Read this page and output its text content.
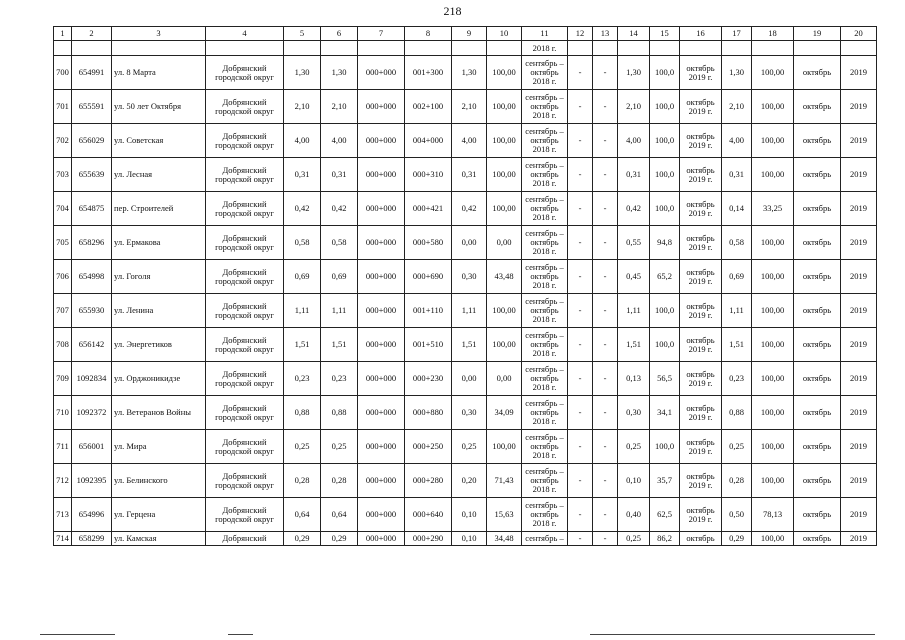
218
1	2	3	4	5	6	7	8	9	10	11	12	13	14	15	16	17	18	19	20
										2018 г.									
700	654991	ул. 8 Марта	Добрянский городской округ	1,30	1,30	000+000	001+300	1,30	100,00	сентябрь – октябрь 2018 г.	-	-	1,30	100,0	октябрь 2019 г.	1,30	100,00	октябрь	2019
701	655591	ул. 50 лет Октября	Добрянский городской округ	2,10	2,10	000+000	002+100	2,10	100,00	сентябрь – октябрь 2018 г.	-	-	2,10	100,0	октябрь 2019 г.	2,10	100,00	октябрь	2019
702	656029	ул. Советская	Добрянский городской округ	4,00	4,00	000+000	004+000	4,00	100,00	сентябрь – октябрь 2018 г.	-	-	4,00	100,0	октябрь 2019 г.	4,00	100,00	октябрь	2019
703	655639	ул. Лесная	Добрянский городской округ	0,31	0,31	000+000	000+310	0,31	100,00	сентябрь – октябрь 2018 г.	-	-	0,31	100,0	октябрь 2019 г.	0,31	100,00	октябрь	2019
704	654875	пер. Строителей	Добрянский городской округ	0,42	0,42	000+000	000+421	0,42	100,00	сентябрь – октябрь 2018 г.	-	-	0,42	100,0	октябрь 2019 г.	0,14	33,25	октябрь	2019
705	658296	ул. Ермакова	Добрянский городской округ	0,58	0,58	000+000	000+580	0,00	0,00	сентябрь – октябрь 2018 г.	-	-	0,55	94,8	октябрь 2019 г.	0,58	100,00	октябрь	2019
706	654998	ул. Гоголя	Добрянский городской округ	0,69	0,69	000+000	000+690	0,30	43,48	сентябрь – октябрь 2018 г.	-	-	0,45	65,2	октябрь 2019 г.	0,69	100,00	октябрь	2019
707	655930	ул. Ленина	Добрянский городской округ	1,11	1,11	000+000	001+110	1,11	100,00	сентябрь – октябрь 2018 г.	-	-	1,11	100,0	октябрь 2019 г.	1,11	100,00	октябрь	2019
708	656142	ул. Энергетиков	Добрянский городской округ	1,51	1,51	000+000	001+510	1,51	100,00	сентябрь – октябрь 2018 г.	-	-	1,51	100,0	октябрь 2019 г.	1,51	100,00	октябрь	2019
709	1092834	ул. Орджоникидзе	Добрянский городской округ	0,23	0,23	000+000	000+230	0,00	0,00	сентябрь – октябрь 2018 г.	-	-	0,13	56,5	октябрь 2019 г.	0,23	100,00	октябрь	2019
710	1092372	ул. Ветеранов Войны	Добрянский городской округ	0,88	0,88	000+000	000+880	0,30	34,09	сентябрь – октябрь 2018 г.	-	-	0,30	34,1	октябрь 2019 г.	0,88	100,00	октябрь	2019
711	656001	ул. Мира	Добрянский городской округ	0,25	0,25	000+000	000+250	0,25	100,00	сентябрь – октябрь 2018 г.	-	-	0,25	100,0	октябрь 2019 г.	0,25	100,00	октябрь	2019
712	1092395	ул. Белинского	Добрянский городской округ	0,28	0,28	000+000	000+280	0,20	71,43	сентябрь – октябрь 2018 г.	-	-	0,10	35,7	октябрь 2019 г.	0,28	100,00	октябрь	2019
713	654996	ул. Герцена	Добрянский городской округ	0,64	0,64	000+000	000+640	0,10	15,63	сентябрь – октябрь 2018 г.	-	-	0,40	62,5	октябрь 2019 г.	0,50	78,13	октябрь	2019
714	658299	ул. Камская	Добрянский	0,29	0,29	000+000	000+290	0,10	34,48	сентябрь –	-	-	0,25	86,2	октябрь	0,29	100,00	октябрь	2019
